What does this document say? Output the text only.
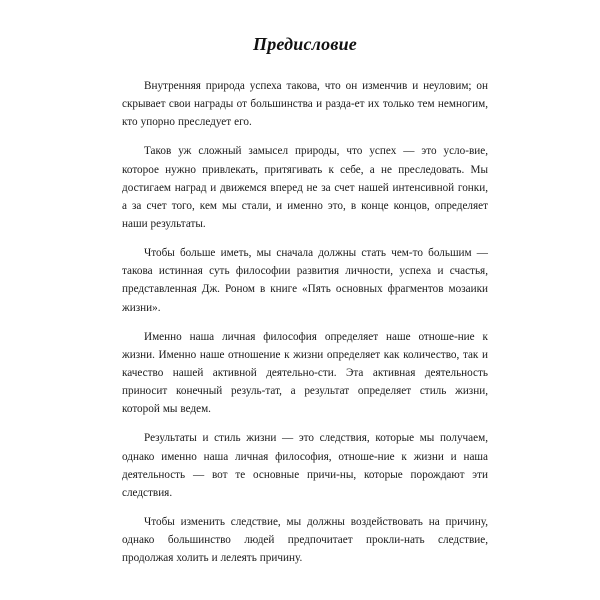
Предисловие

Внутренняя природа успеха такова, что он изменчив и неуловим; он скрывает свои награды от большинства и разда-ет их только тем немногим, кто упорно преследует его.

Таков уж сложный замысел природы, что успех — это усло-вие, которое нужно привлекать, притягивать к себе, а не преследовать. Мы достигаем наград и движемся вперед не за счет нашей интенсивной гонки, а за счет того, кем мы стали, и именно это, в конце концов, определяет наши результаты.

Чтобы больше иметь, мы сначала должны стать чем-то большим — такова истинная суть философии развития личности, успеха и счастья, представленная Дж. Роном в книге «Пять основных фрагментов мозаики жизни».

Именно наша личная философия определяет наше отноше-ние к жизни. Именно наше отношение к жизни определяет как количество, так и качество нашей активной деятельно-сти. Эта активная деятельность приносит конечный резуль-тат, а результат определяет стиль жизни, которой мы ведем.

Результаты и стиль жизни — это следствия, которые мы получаем, однако именно наша личная философия, отноше-ние к жизни и наша деятельность — вот те основные причи-ны, которые порождают эти следствия.

Чтобы изменить следствие, мы должны воздействовать на причину, однако большинство людей предпочитает прокли-нать следствие, продолжая холить и лелеять причину.
